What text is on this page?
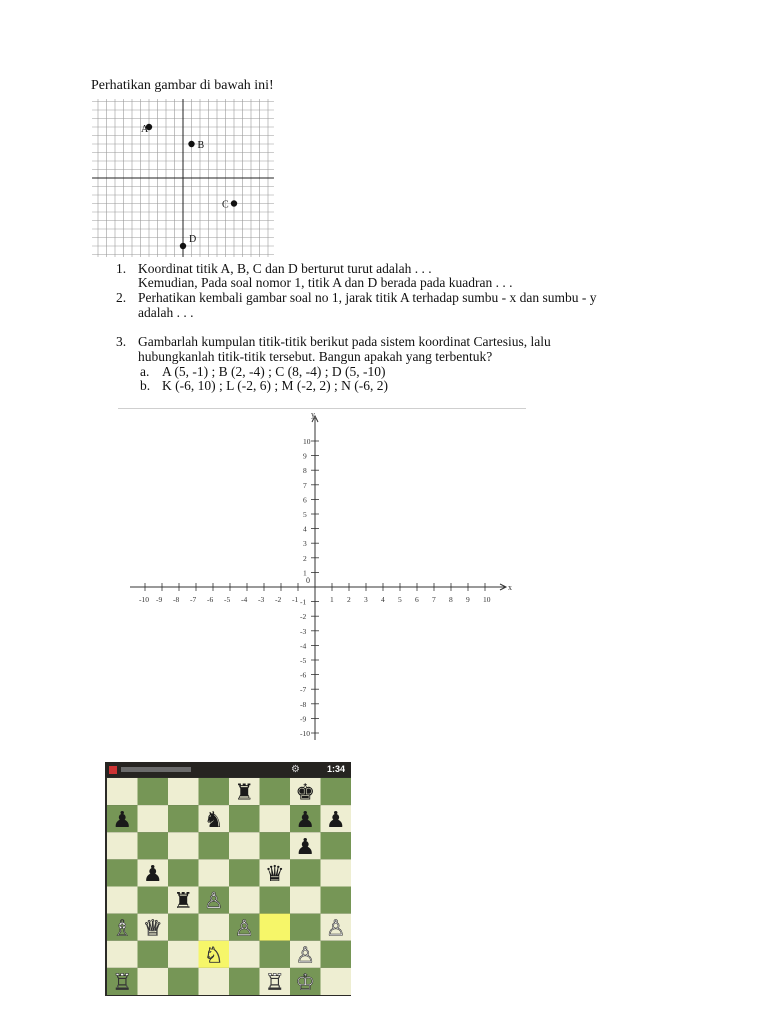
Perhatikan gambar di bawah ini!
A
B
C
D
1. Koordinat titik A, B, C dan D berturut turut adalah . . .
Kemudian, Pada soal nomor 1, titik A dan D berada pada kuadran . . .
2. Perhatikan kembali gambar soal no 1, jarak titik A terhadap sumbu - x dan sumbu - y
adalah . . .
3. Gambarlah kumpulan titik-titik berikut pada sistem koordinat Cartesius, lalu
hubungkanlah titik-titik tersebut. Bangun apakah yang terbentuk?
a. A (5, -1) ; B (2, -4) ; C (8, -4) ; D (5, -10)
b. K (-6, 10) ; L (-2, 6) ; M (-2, 2) ; N (-6, 2)
y
x
0
-10 -9 -8 -7 -6 -5 -4 -3 -2 -1	1 2 3 4 5 6 7 8 9 10
10
9
8
7
6
5
4
3
2
1
-1
-2
-3
-4
-5
-6
-7
-8
-9
-10
⚙	1:34
♜ ♚
♟	♞	♟ ♟
♟
♟	♛
♜ ♙
♗ ♕	♙	♙
♘	♙
♖	♖ ♔
